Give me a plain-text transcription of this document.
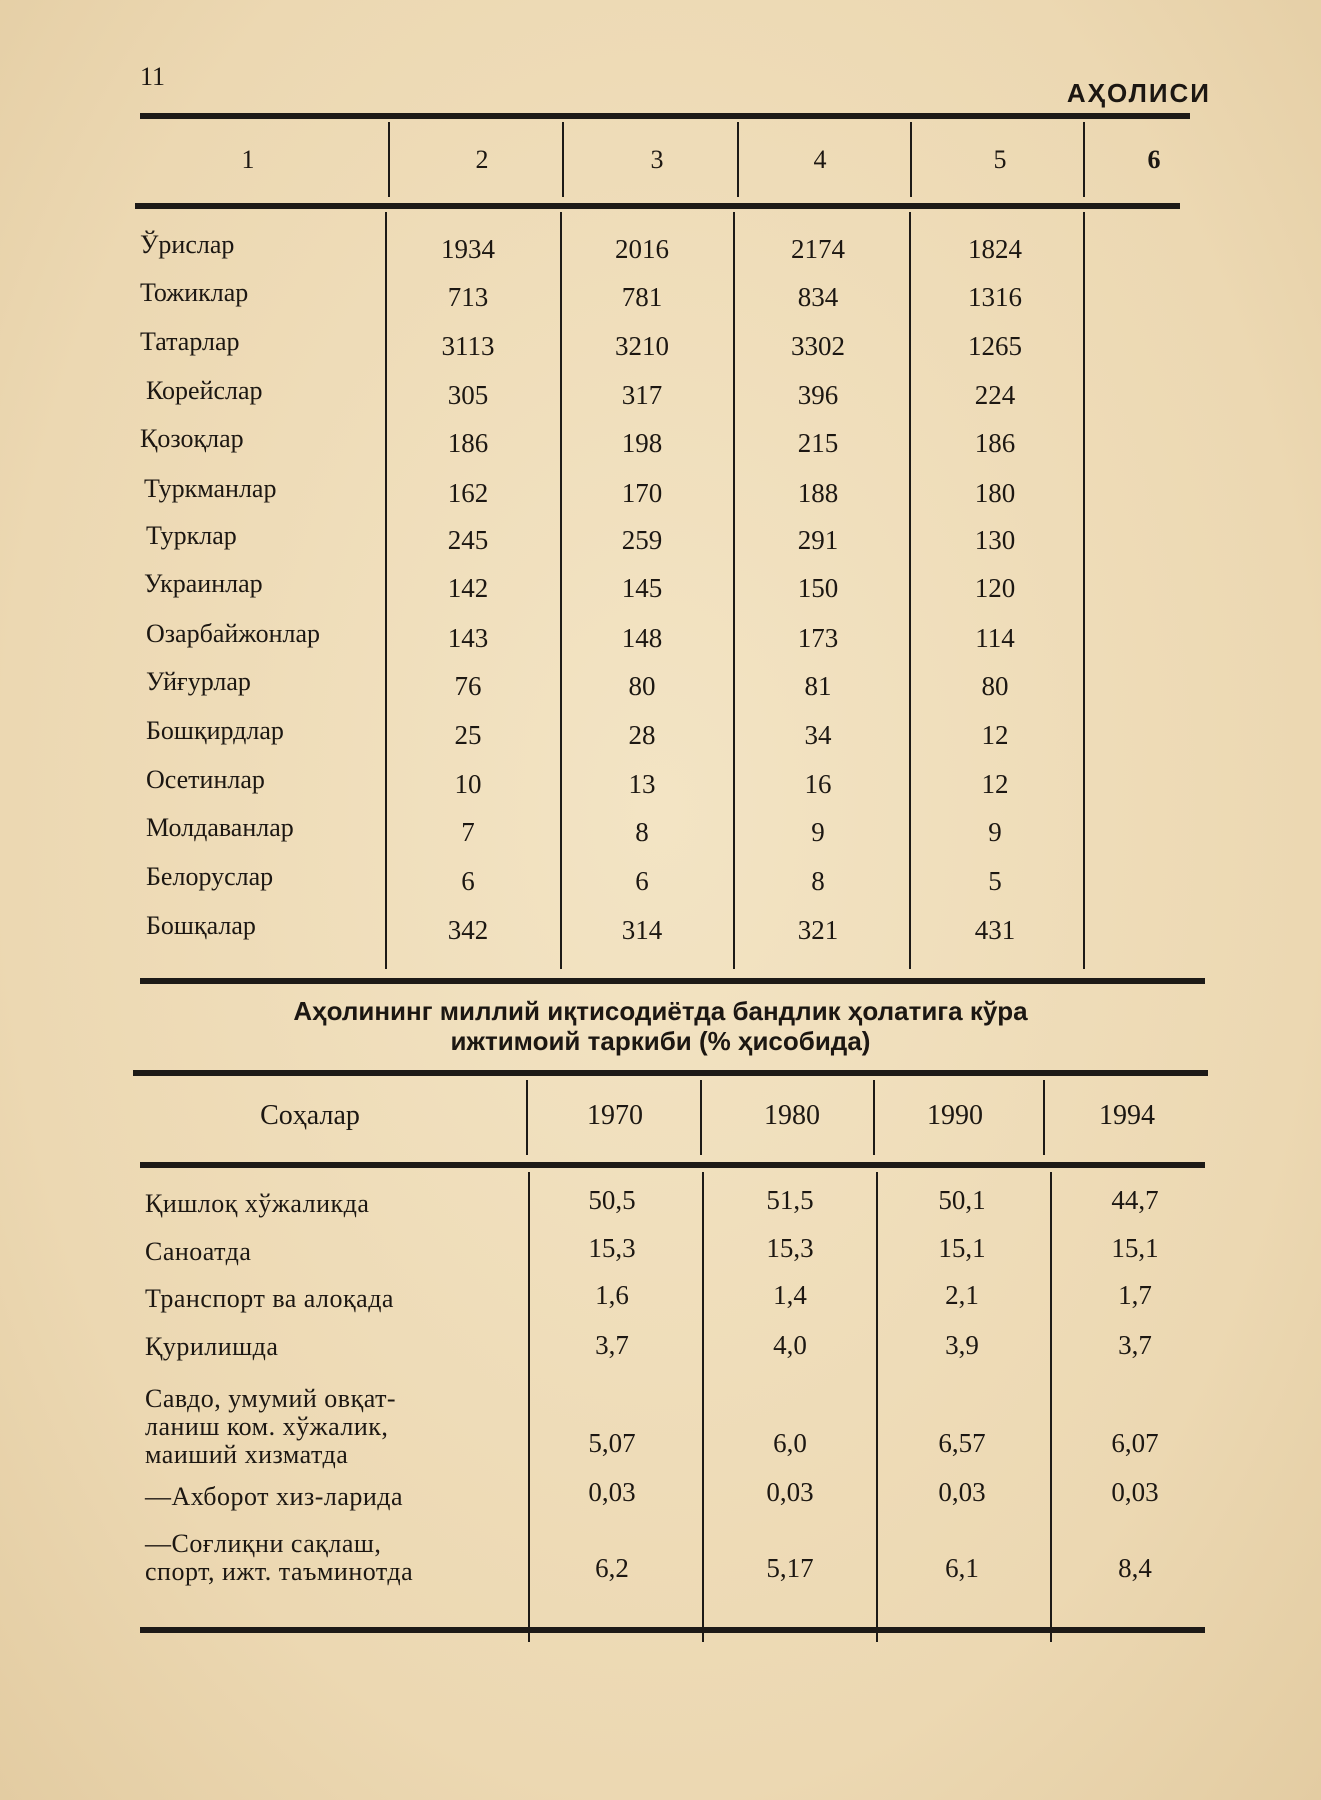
11
АҲОЛИСИ
1	2	3	4	5	6
Ўрислар	1934	2016	2174	1824
Тожиклар	713	781	834	1316
Татарлар	3113	3210	3302	1265
Корейслар	305	317	396	224
Қозоқлар	186	198	215	186
Туркманлар	162	170	188	180
Турклар	245	259	291	130
Украинлар	142	145	150	120
Озарбайжонлар	143	148	173	114
Уйғурлар	76	80	81	80
Бошқирдлар	25	28	34	12
Осетинлар	10	13	16	12
Молдаванлар	7	8	9	9
Белоруслар	6	6	8	5
Бошқалар	342	314	321	431
Аҳолининг миллий иқтисодиётда бандлик ҳолатига кўра
ижтимоий таркиби (% ҳисобида)
Соҳалар	1970	1980	1990	1994
Қишлоқ хўжаликда	50,5	51,5	50,1	44,7
Саноатда	15,3	15,3	15,1	15,1
Транспорт ва алоқада	1,6	1,4	2,1	1,7
Қурилишда	3,7	4,0	3,9	3,7
Савдо, умумий овқат-
ланиш ком. хўжалик,
маиший хизматда	5,07	6,0	6,57	6,07
—Ахборот хиз-ларида	0,03	0,03	0,03	0,03
—Соғлиқни сақлаш,
спорт, ижт. таъминотда	6,2	5,17	6,1	8,4
